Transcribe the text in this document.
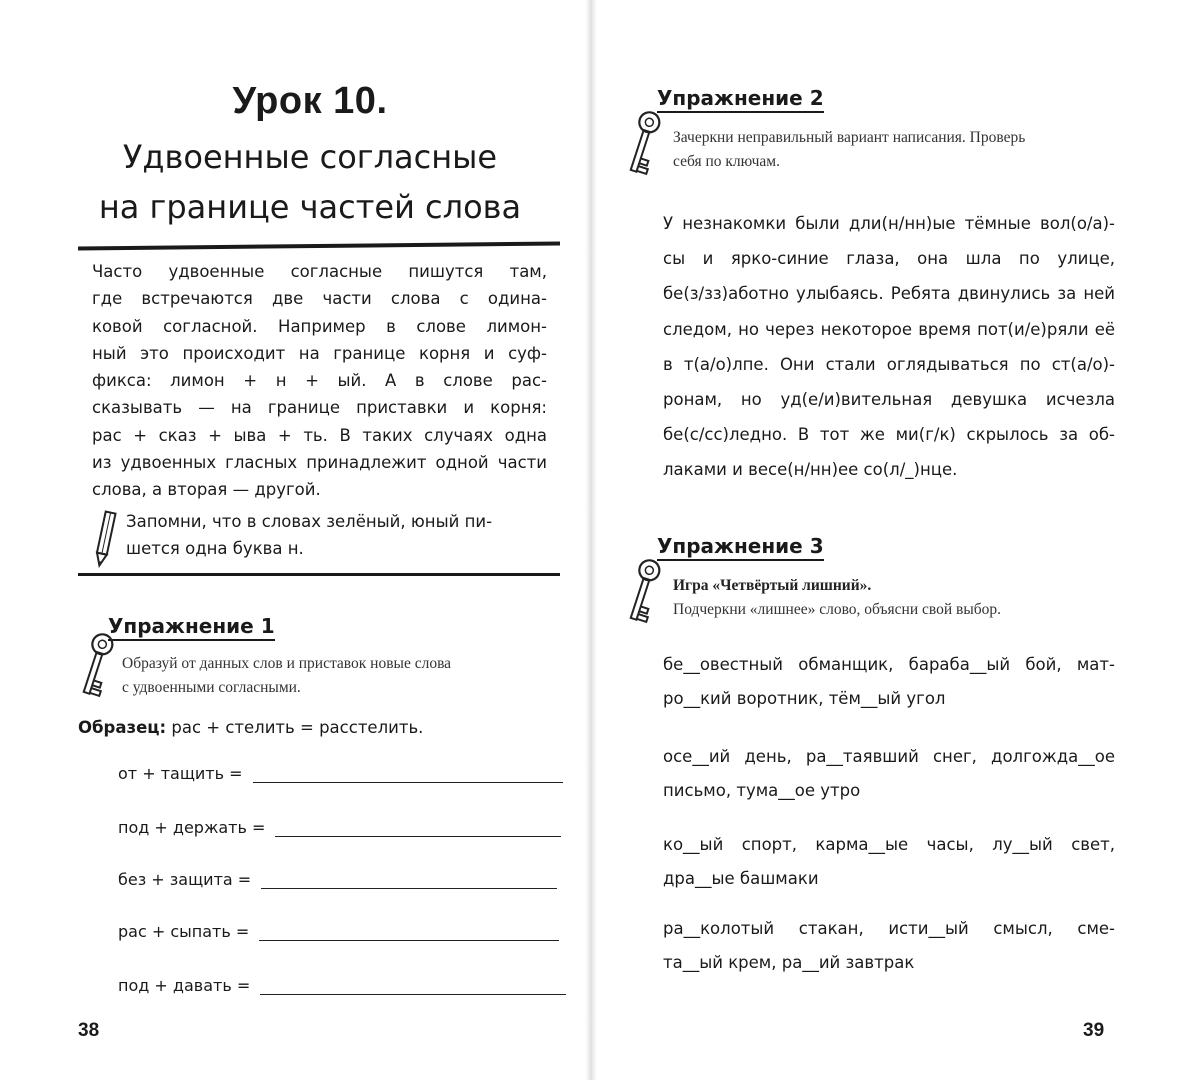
Урок 10.
Удвоенные согласные
на границе частей слова
Часто удвоенные согласные пишутся там,
где встречаются две части слова с одина-
ковой согласной. Например в слове лимон-
ный это происходит на границе корня и суф-
фикса: лимон + н + ый. А в слове рас-
сказывать — на границе приставки и корня:
рас + сказ + ыва + ть. В таких случаях одна
из удвоенных гласных принадлежит одной части
слова, а вторая — другой.
Запомни, что в словах зелёный, юный пи-
шется одна буква н.
Упражнение 1
Образуй от данных слов и приставок новые слова
с удвоенными согласными.
Образец: рас + стелить = расстелить.
от + тащить =
под + держать =
без + защита =
рас + сыпать =
под + давать =
38
Упражнение 2
Зачеркни неправильный вариант написания. Проверь
себя по ключам.
У незнакомки были дли(н/нн)ые тёмные вол(о/а)-
сы и ярко-синие глаза, она шла по улице,
бе(з/зз)аботно улыбаясь. Ребята двинулись за ней
следом, но через некоторое время пот(и/е)ряли её
в т(а/о)лпе. Они стали оглядываться по ст(а/о)-
ронам, но уд(е/и)вительная девушка исчезла
бе(с/сс)ледно. В тот же ми(г/к) скрылось за об-
лаками и весе(н/нн)ее со(л/_)нце.
Упражнение 3
Игра «Четвёртый лишний».
Подчеркни «лишнее» слово, объясни свой выбор.
бе__овестный обманщик, бараба__ый бой, мат-
ро__кий воротник, тём__ый угол
осе__ий день, ра__таявший снег, долгожда__ое
письмо, тума__ое утро
ко__ый спорт, карма__ые часы, лу__ый свет,
дра__ые башмаки
ра__колотый стакан, исти__ый смысл, сме-
та__ый крем, ра__ий завтрак
39
